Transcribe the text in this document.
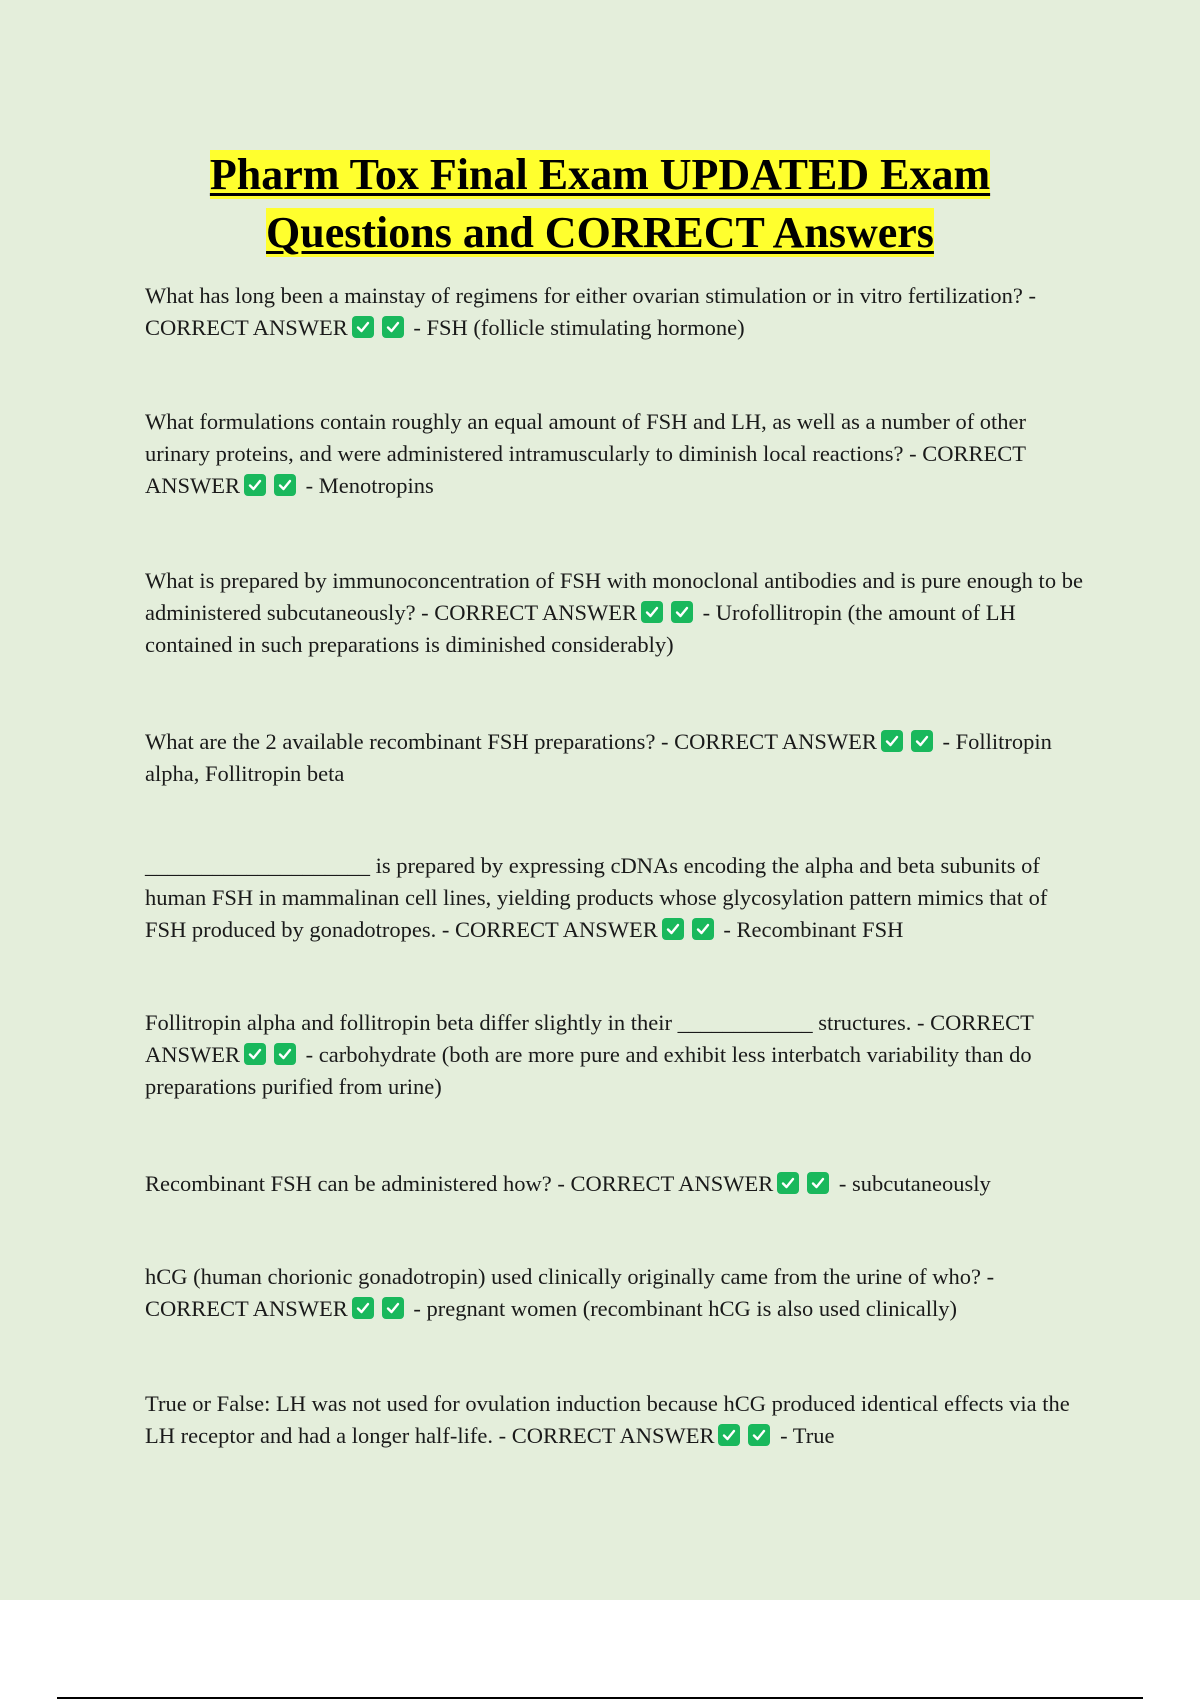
Pharm Tox Final Exam UPDATED Exam
Questions and CORRECT Answers

What has long been a mainstay of regimens for either ovarian stimulation or in vitro fertilization? - CORRECT ANSWER	- FSH (follicle stimulating hormone)

What formulations contain roughly an equal amount of FSH and LH, as well as a number of other urinary proteins, and were administered intramuscularly to diminish local reactions? - CORRECT ANSWER	- Menotropins

What is prepared by immunoconcentration of FSH with monoclonal antibodies and is pure enough to be administered subcutaneously? - CORRECT ANSWER	- Urofollitropin (the amount of LH contained in such preparations is diminished considerably)

What are the 2 available recombinant FSH preparations? - CORRECT ANSWER	- Follitropin alpha, Follitropin beta

____________________ is prepared by expressing cDNAs encoding the alpha and beta subunits of human FSH in mammalinan cell lines, yielding products whose glycosylation pattern mimics that of FSH produced by gonadotropes. - CORRECT ANSWER	- Recombinant FSH

Follitropin alpha and follitropin beta differ slightly in their ____________ structures. - CORRECT ANSWER	- carbohydrate (both are more pure and exhibit less interbatch variability than do preparations purified from urine)

Recombinant FSH can be administered how? - CORRECT ANSWER	- subcutaneously

hCG (human chorionic gonadotropin) used clinically originally came from the urine of who? - CORRECT ANSWER	- pregnant women (recombinant hCG is also used clinically)

True or False: LH was not used for ovulation induction because hCG produced identical effects via the LH receptor and had a longer half-life. - CORRECT ANSWER	- True
